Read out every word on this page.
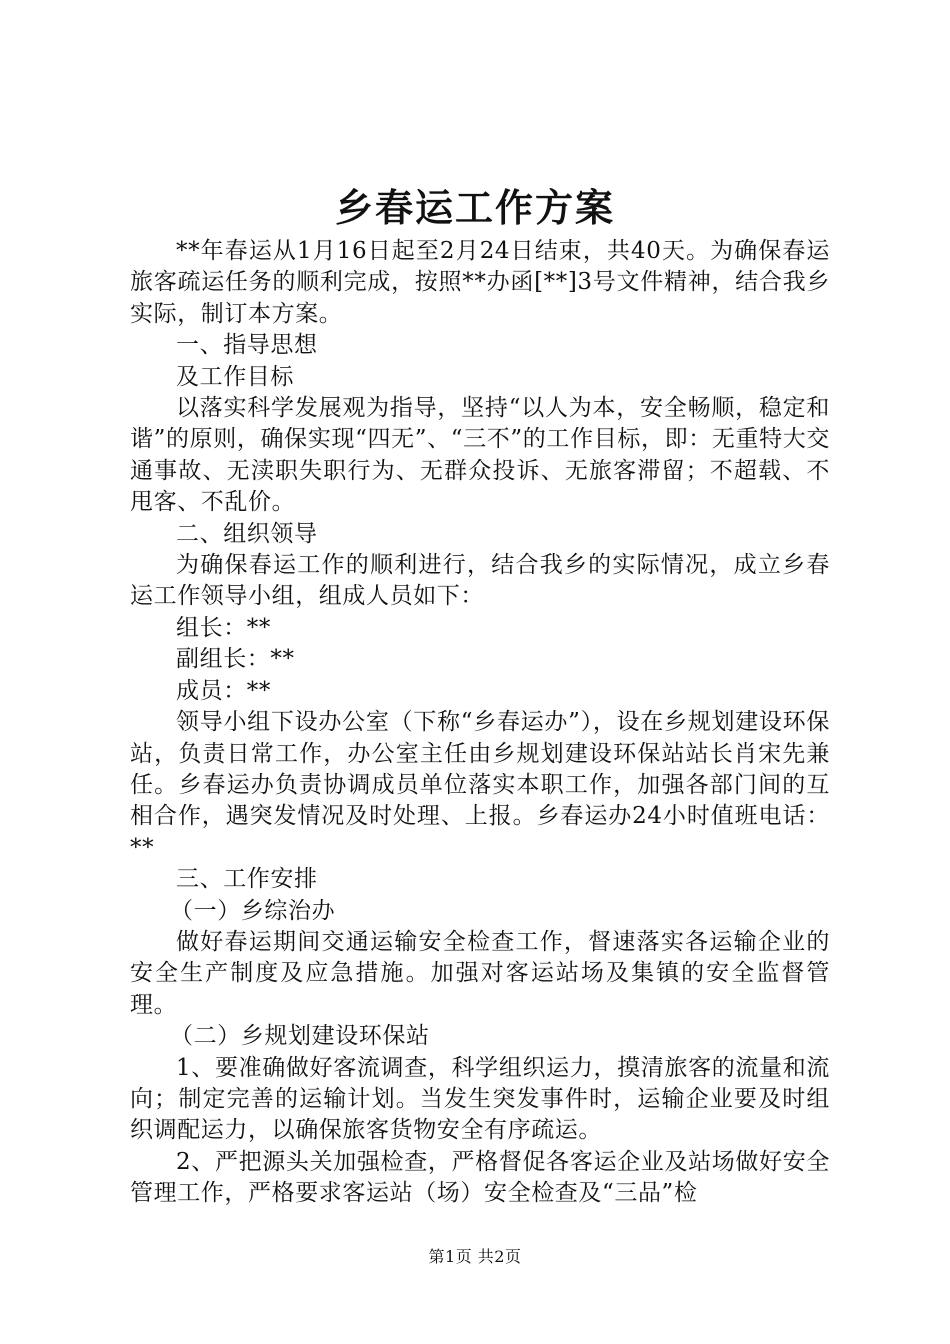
乡春运工作方案

**年春运从1月16日起至2月24日结束，共40天。为确保春运旅客疏运任务的顺利完成，按照**办函[**]3号文件精神，结合我乡实际，制订本方案。

一、指导思想

及工作目标

以落实科学发展观为指导，坚持“以人为本，安全畅顺，稳定和谐”的原则，确保实现“四无”、“三不”的工作目标，即：无重特大交通事故、无渎职失职行为、无群众投诉、无旅客滞留；不超载、不甩客、不乱价。

二、组织领导

为确保春运工作的顺利进行，结合我乡的实际情况，成立乡春运工作领导小组，组成人员如下：

组长：**

副组长：**

成员：**

领导小组下设办公室（下称“乡春运办”），设在乡规划建设环保站，负责日常工作，办公室主任由乡规划建设环保站站长肖宋先兼任。乡春运办负责协调成员单位落实本职工作，加强各部门间的互相合作，遇突发情况及时处理、上报。乡春运办24小时值班电话：**

三、工作安排

（一）乡综治办

做好春运期间交通运输安全检查工作，督速落实各运输企业的安全生产制度及应急措施。加强对客运站场及集镇的安全监督管理。

（二）乡规划建设环保站

1、要准确做好客流调查，科学组织运力，摸清旅客的流量和流向；制定完善的运输计划。当发生突发事件时，运输企业要及时组织调配运力，以确保旅客货物安全有序疏运。

2、严把源头关加强检查，严格督促各客运企业及站场做好安全管理工作，严格要求客运站（场）安全检查及“三品”检

第1页 共2页
